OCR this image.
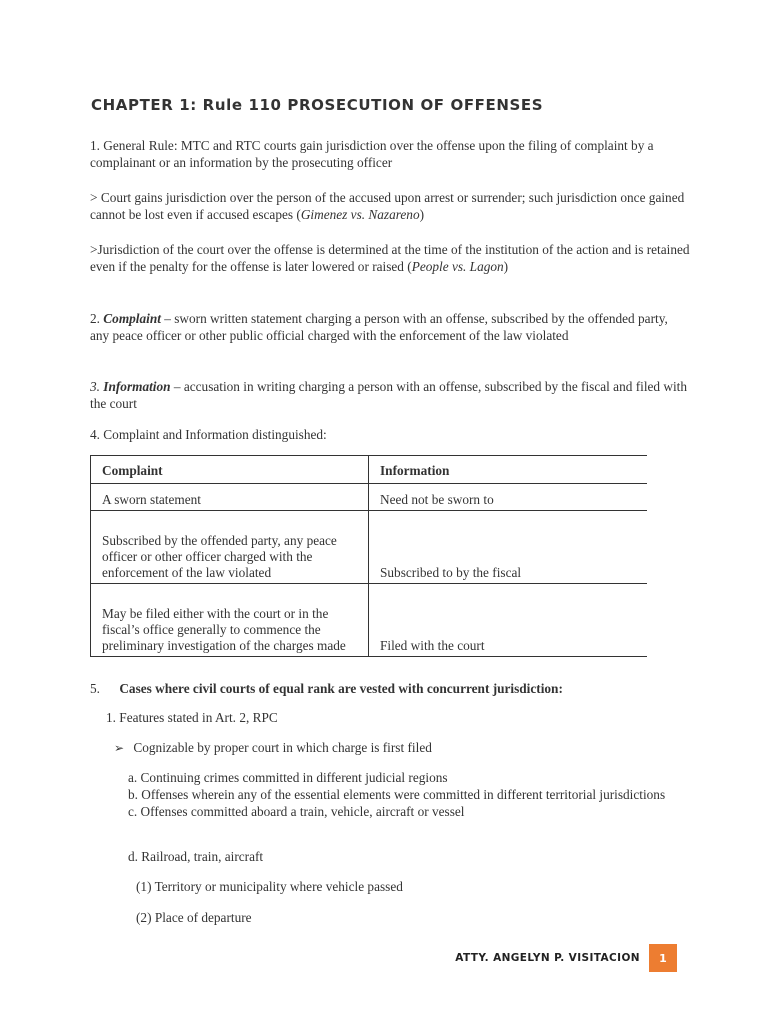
CHAPTER 1: Rule 110 PROSECUTION OF OFFENSES

1. General Rule: MTC and RTC courts gain jurisdiction over the offense upon the filing of complaint by a complainant or an information by the prosecuting officer

> Court gains jurisdiction over the person of the accused upon arrest or surrender; such jurisdiction once gained cannot be lost even if accused escapes (Gimenez vs. Nazareno)

>Jurisdiction of the court over the offense is determined at the time of the institution of the action and is retained even if the penalty for the offense is later lowered or raised (People vs. Lagon)

2. Complaint – sworn written statement charging a person with an offense, subscribed by the offended party, any peace officer or other public official charged with the enforcement of the law violated

3. Information – accusation in writing charging a person with an offense, subscribed by the fiscal and filed with the court

4. Complaint and Information distinguished:
Complaint	Information
A sworn statement	Need not be sworn to
Subscribed by the offended party, any peace officer or other officer charged with the enforcement of the law violated	Subscribed to by the fiscal
May be filed either with the court or in the fiscal’s office generally to commence the preliminary investigation of the charges made	Filed with the court
5. Cases where civil courts of equal rank are vested with concurrent jurisdiction:
1. Features stated in Art. 2, RPC
➢ Cognizable by proper court in which charge is first filed
a. Continuing crimes committed in different judicial regions
b. Offenses wherein any of the essential elements were committed in different territorial jurisdictions
c. Offenses committed aboard a train, vehicle, aircraft or vessel
d. Railroad, train, aircraft
(1) Territory or municipality where vehicle passed
(2) Place of departure
ATTY. ANGELYN P. VISITACION	1
